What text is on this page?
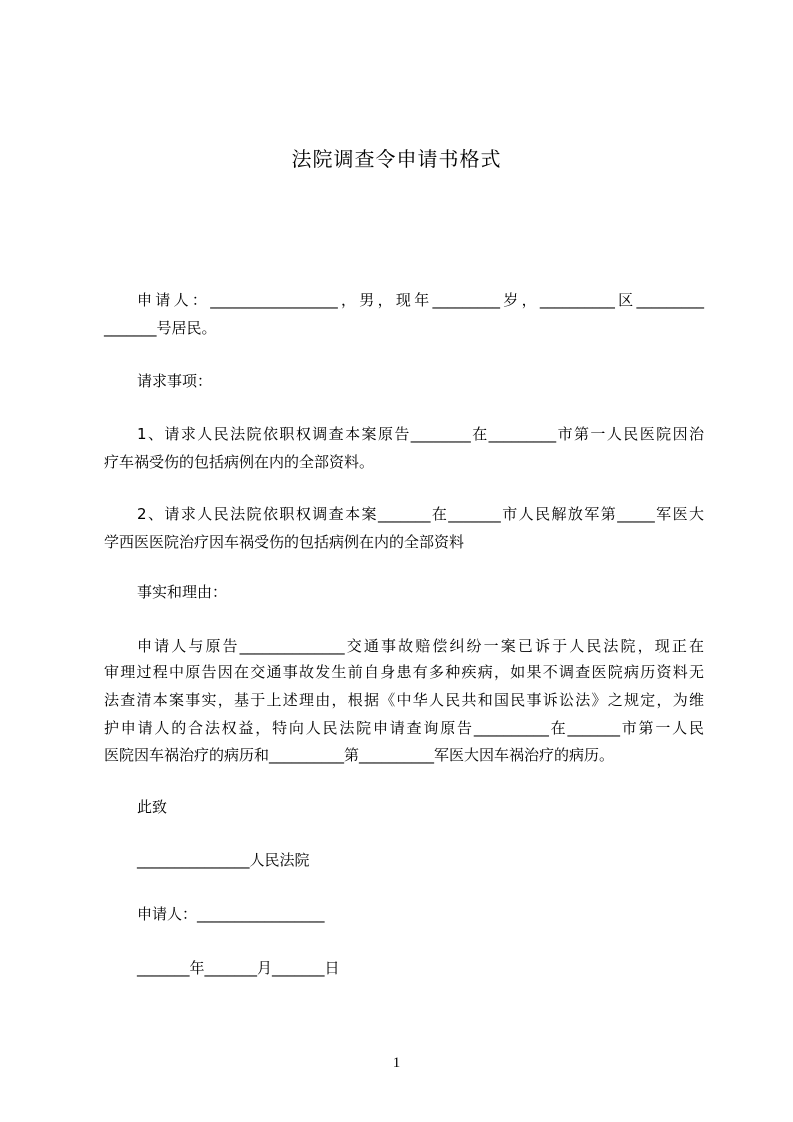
法院调查令申请书格式
申请人：_________________，男，现年_________岁，__________区_________
_______号居民。
请求事项：
1、请求人民法院依职权调查本案原告________在_________市第一人民医院因治
疗车祸受伤的包括病例在内的全部资料。
2、请求人民法院依职权调查本案_______在_______市人民解放军第_____军医大
学西医医院治疗因车祸受伤的包括病例在内的全部资料
事实和理由：
申请人与原告______________交通事故赔偿纠纷一案已诉于人民法院，现正在
审理过程中原告因在交通事故发生前自身患有多种疾病，如果不调查医院病历资料无
法查清本案事实，基于上述理由，根据《中华人民共和国民事诉讼法》之规定，为维
护申请人的合法权益，特向人民法院申请查询原告__________在_______市第一人民
医院因车祸治疗的病历和__________第__________军医大因车祸治疗的病历。
此致
_______________人民法院
申请人：_________________
_______年_______月_______日
1
